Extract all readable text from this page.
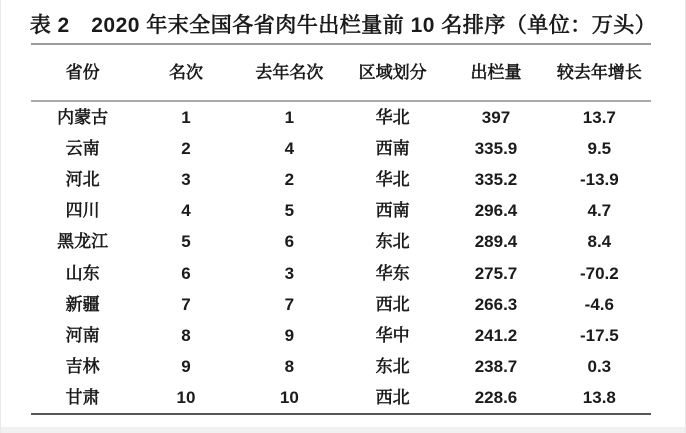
表 2　2020 年末全国各省肉牛出栏量前 10 名排序（单位：万头）
省份	名次	去年名次	区域划分	出栏量	较去年增长
内蒙古	1	1	华北	397	13.7
云南	2	4	西南	335.9	9.5
河北	3	2	华北	335.2	-13.9
四川	4	5	西南	296.4	4.7
黑龙江	5	6	东北	289.4	8.4
山东	6	3	华东	275.7	-70.2
新疆	7	7	西北	266.3	-4.6
河南	8	9	华中	241.2	-17.5
吉林	9	8	东北	238.7	0.3
甘肃	10	10	西北	228.6	13.8
